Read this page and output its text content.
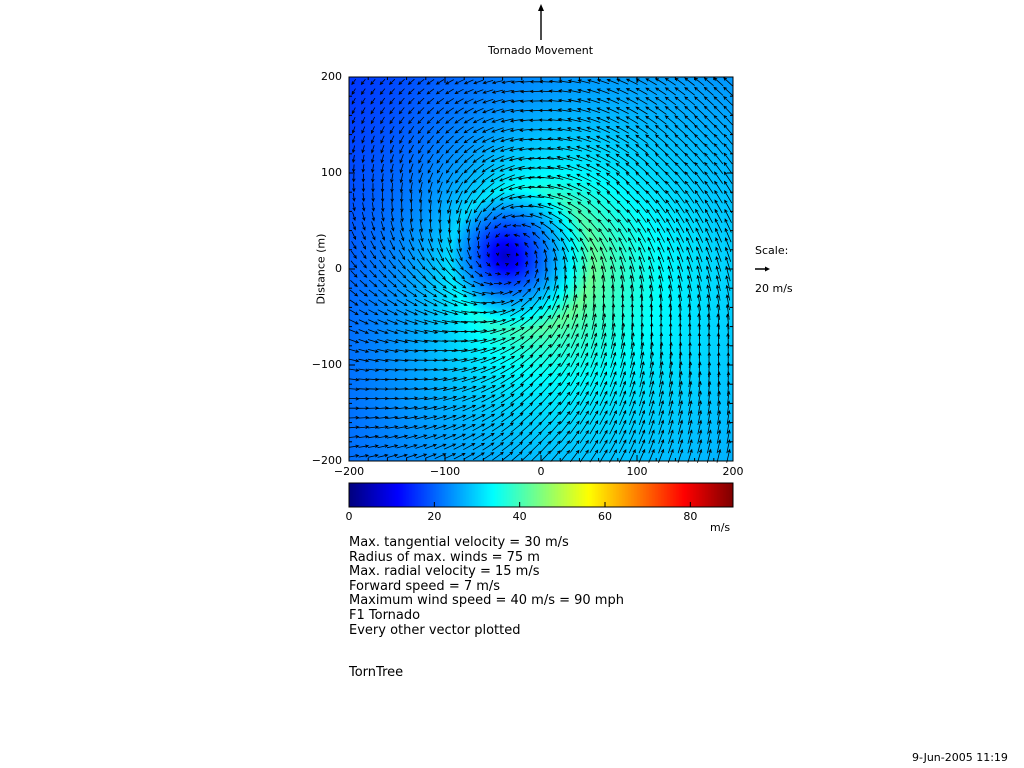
Tornado Movement
Distance (m)
−200	−100	0	100	200
−200
−100
0
100
200
0	20	40	60	80
m/s
Scale:
20 m/s
Max. tangential velocity = 30 m/s
Radius of max. winds = 75 m
Max. radial velocity = 15 m/s
Forward speed = 7 m/s
Maximum wind speed = 40 m/s = 90 mph
F1 Tornado
Every other vector plotted
TornTree
9-Jun-2005 11:19
